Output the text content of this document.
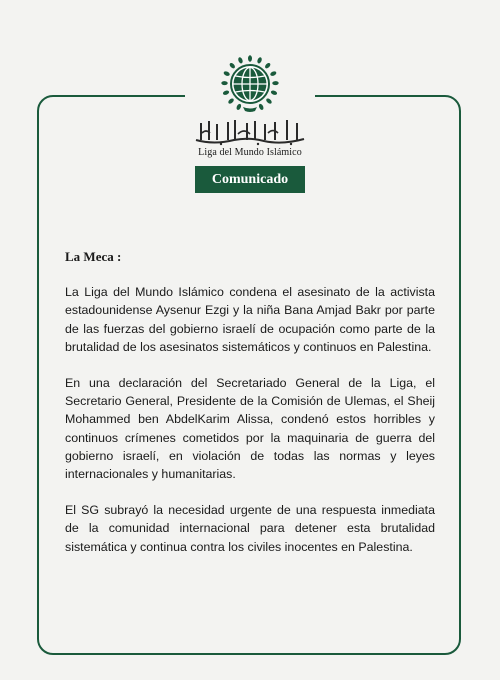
Liga del Mundo Islámico
Comunicado
La Meca :

La Liga del Mundo Islámico condena el asesinato de la activista estadounidense Aysenur Ezgi y la niña Bana Amjad Bakr por parte de las fuerzas del gobierno israelí de ocupación como parte de la brutalidad de los asesinatos sistemáticos y continuos en Palestina.

En una declaración del Secretariado General de la Liga, el Secretario General, Presidente de la Comisión de Ulemas, el Sheij Mohammed ben AbdelKarim Alissa, condenó estos horribles y continuos crímenes cometidos por la maquinaria de guerra del gobierno israelí, en violación de todas las normas y leyes internacionales y humanitarias.

El SG subrayó la necesidad urgente de una respuesta inmediata de la comunidad internacional para detener esta brutalidad sistemática y continua contra los civiles inocentes en Palestina.
